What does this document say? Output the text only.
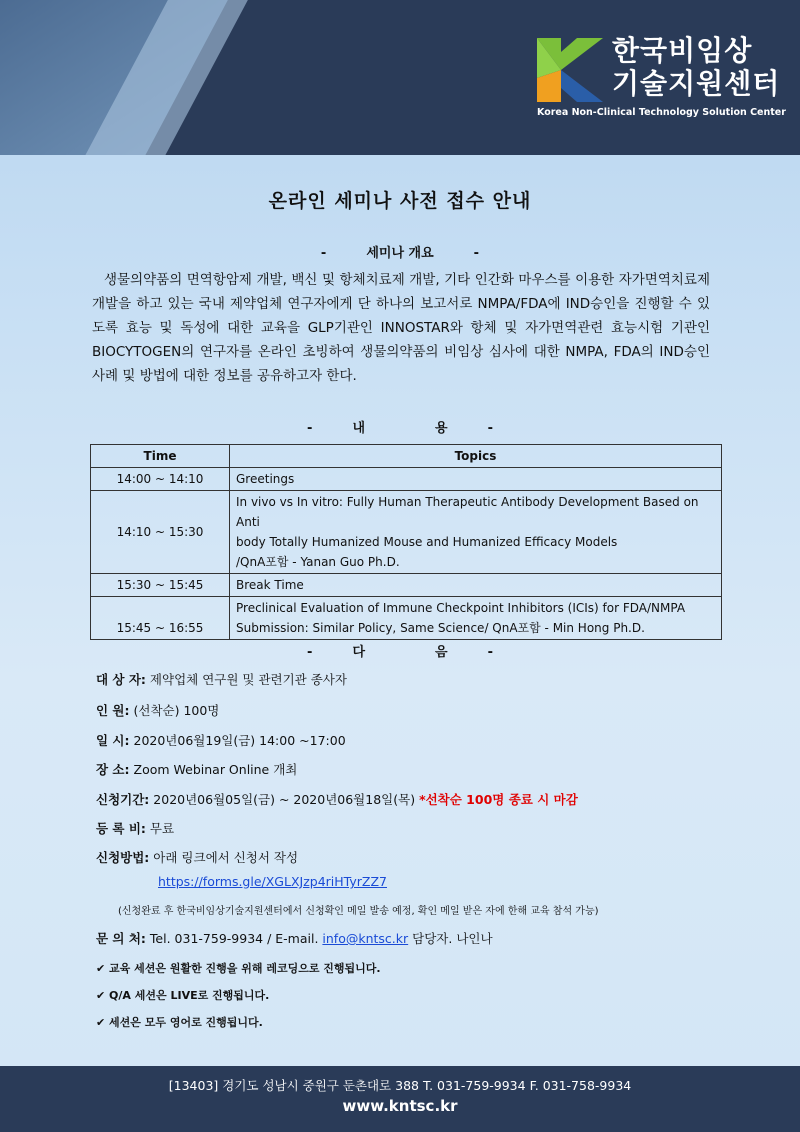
한국비임상
기술지원센터
Korea Non-Clinical Technology Solution Center
온라인 세미나 사전 접수 안내
-	세미나 개요	-
생물의약품의 면역항암제 개발, 백신 및 항체치료제 개발, 기타 인간화 마우스를 이용한 자가면역치료제 개발을 하고 있는 국내 제약업체 연구자에게 단 하나의 보고서로 NMPA/FDA에 IND승인을 진행할 수 있도록 효능 및 독성에 대한 교육을 GLP기관인 INNOSTAR와 항체 및 자가면역관련 효능시험 기관인 BIOCYTOGEN의 연구자를 온라인 초빙하여 생물의약품의 비임상 심사에 대한 NMPA, FDA의 IND승인 사례 및 방법에 대한 정보를 공유하고자 한다.
-	내	용	-
Time	Topics
14:00 ~ 14:10	Greetings

14:10 ~ 15:30	In vivo vs In vitro: Fully Human Therapeutic Antibody Development Based on Anti
body Totally Humanized Mouse and Humanized Efficacy Models
/QnA포함 - Yanan Guo Ph.D.

15:30 ~ 15:45	Break Time

15:45 ~ 16:55	Preclinical Evaluation of Immune Checkpoint Inhibitors (ICIs) for FDA/NMPA
Submission: Similar Policy, Same Science/ QnA포함 - Min Hong Ph.D.
-	다	음	-
대 상 자: 제약업체 연구원 및 관련기관 종사자
인 원: (선착순) 100명
일 시: 2020년06월19일(금) 14:00 ~17:00
장 소: Zoom Webinar Online 개최
신청기간: 2020년06월05일(금) ~ 2020년06월18일(목) *선착순 100명 종료 시 마감
등 록 비: 무료
신청방법: 아래 링크에서 신청서 작성
https://forms.gle/XGLXJzp4riHTyrZZ7
(신청완료 후 한국비임상기술지원센터에서 신청확인 메일 발송 예정, 확인 메일 받은 자에 한해 교육 참석 가능)
문 의 처: Tel. 031-759-9934 / E-mail. info@kntsc.kr 담당자. 나인나
✔ 교육 세션은 원활한 진행을 위해 레코딩으로 진행됩니다.
✔ Q/A 세션은 LIVE로 진행됩니다.
✔ 세션은 모두 영어로 진행됩니다.
[13403] 경기도 성남시 중원구 둔촌대로 388 T. 031-759-9934 F. 031-758-9934
www.kntsc.kr
